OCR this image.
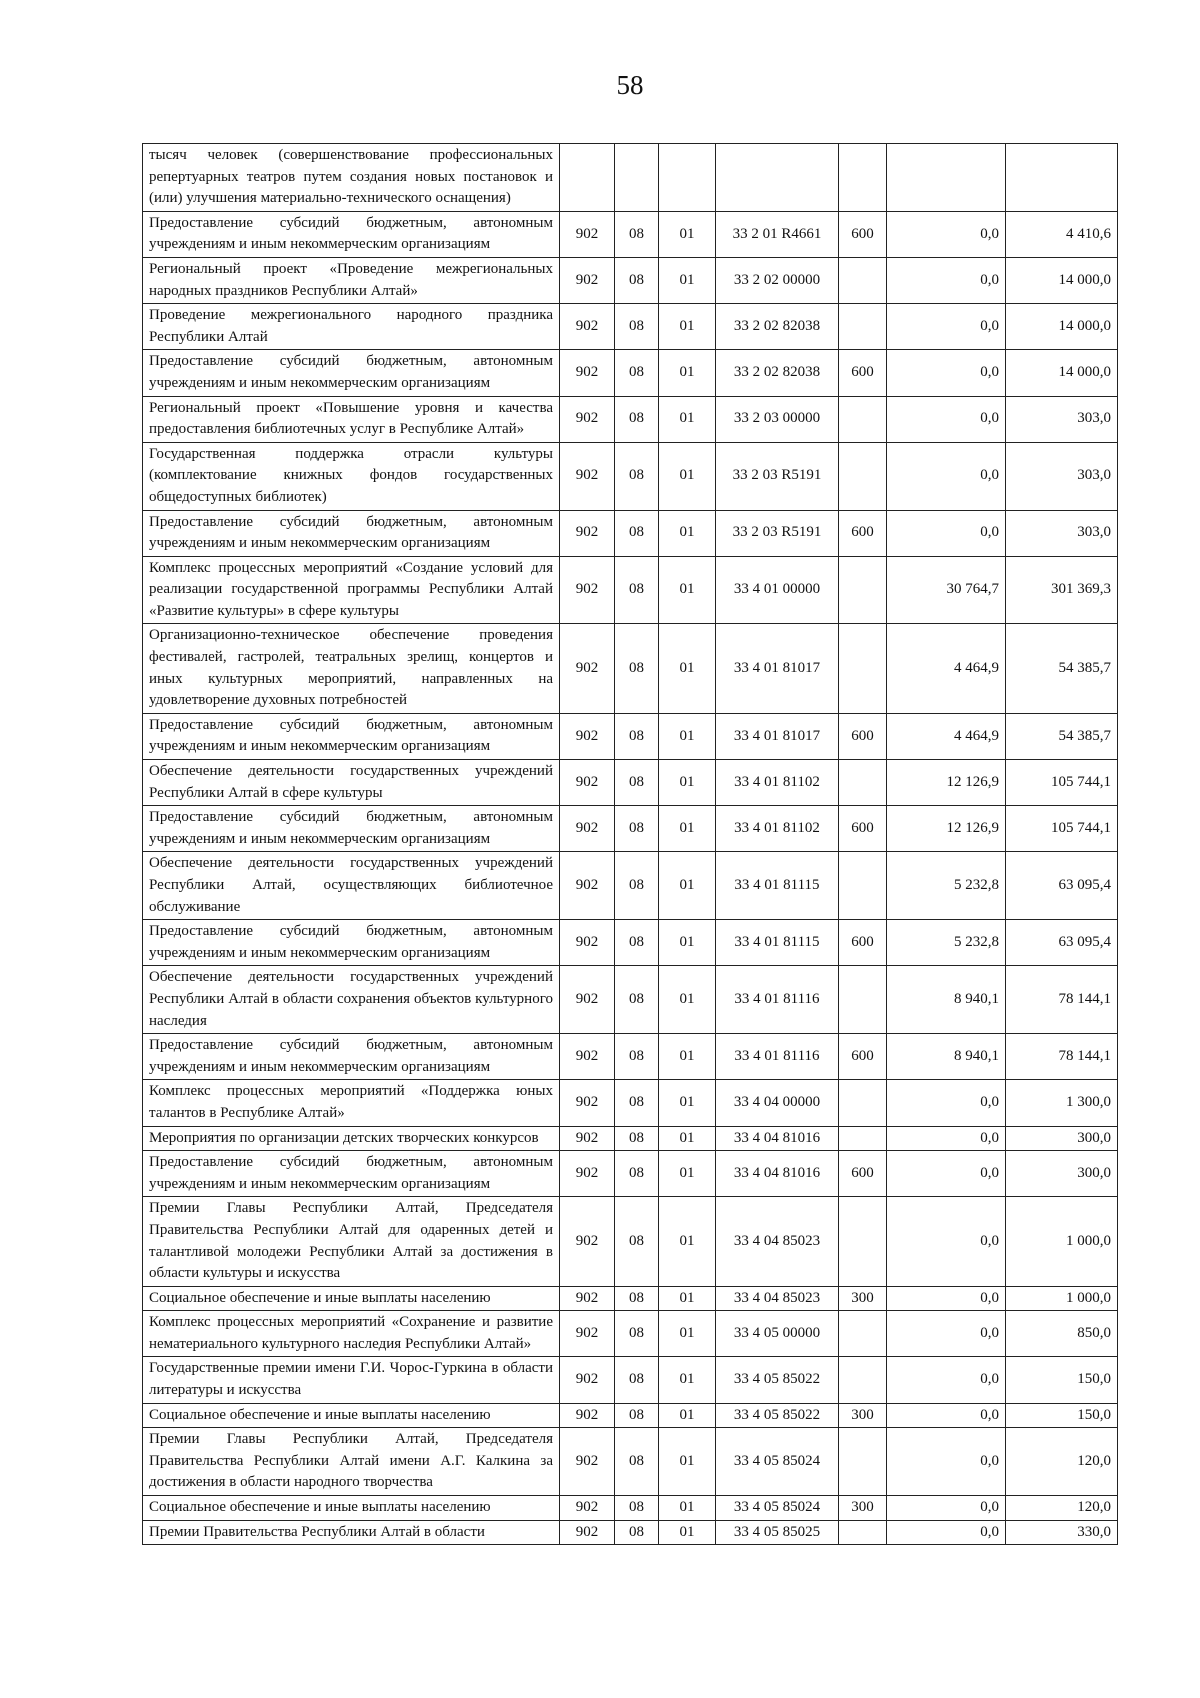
58
тысяч человек (совершенствование профессиональных репертуарных театров путем создания новых постановок и (или) улучшения материально-технического оснащения)							
Предоставление субсидий бюджетным, автономным учреждениям и иным некоммерческим организациям	902	08	01	33 2 01 R4661	600	0,0	4 410,6
Региональный проект «Проведение межрегиональных народных праздников Республики Алтай»	902	08	01	33 2 02 00000		0,0	14 000,0
Проведение межрегионального народного праздника Республики Алтай	902	08	01	33 2 02 82038		0,0	14 000,0
Предоставление субсидий бюджетным, автономным учреждениям и иным некоммерческим организациям	902	08	01	33 2 02 82038	600	0,0	14 000,0
Региональный проект «Повышение уровня и качества предоставления библиотечных услуг в Республике Алтай»	902	08	01	33 2 03 00000		0,0	303,0
Государственная поддержка отрасли культуры (комплектование книжных фондов государственных общедоступных библиотек)	902	08	01	33 2 03 R5191		0,0	303,0
Предоставление субсидий бюджетным, автономным учреждениям и иным некоммерческим организациям	902	08	01	33 2 03 R5191	600	0,0	303,0
Комплекс процессных мероприятий «Создание условий для реализации государственной программы Республики Алтай «Развитие культуры» в сфере культуры	902	08	01	33 4 01 00000		30 764,7	301 369,3
Организационно-техническое обеспечение проведения фестивалей, гастролей, театральных зрелищ, концертов и иных культурных мероприятий, направленных на удовлетворение духовных потребностей	902	08	01	33 4 01 81017		4 464,9	54 385,7
Предоставление субсидий бюджетным, автономным учреждениям и иным некоммерческим организациям	902	08	01	33 4 01 81017	600	4 464,9	54 385,7
Обеспечение деятельности государственных учреждений Республики Алтай в сфере культуры	902	08	01	33 4 01 81102		12 126,9	105 744,1
Предоставление субсидий бюджетным, автономным учреждениям и иным некоммерческим организациям	902	08	01	33 4 01 81102	600	12 126,9	105 744,1
Обеспечение деятельности государственных учреждений Республики Алтай, осуществляющих библиотечное обслуживание	902	08	01	33 4 01 81115		5 232,8	63 095,4
Предоставление субсидий бюджетным, автономным учреждениям и иным некоммерческим организациям	902	08	01	33 4 01 81115	600	5 232,8	63 095,4
Обеспечение деятельности государственных учреждений Республики Алтай в области сохранения объектов культурного наследия	902	08	01	33 4 01 81116		8 940,1	78 144,1
Предоставление субсидий бюджетным, автономным учреждениям и иным некоммерческим организациям	902	08	01	33 4 01 81116	600	8 940,1	78 144,1
Комплекс процессных мероприятий «Поддержка юных талантов в Республике Алтай»	902	08	01	33 4 04 00000		0,0	1 300,0
Мероприятия по организации детских творческих конкурсов	902	08	01	33 4 04 81016		0,0	300,0
Предоставление субсидий бюджетным, автономным учреждениям и иным некоммерческим организациям	902	08	01	33 4 04 81016	600	0,0	300,0
Премии Главы Республики Алтай, Председателя Правительства Республики Алтай для одаренных детей и талантливой молодежи Республики Алтай за достижения в области культуры и искусства	902	08	01	33 4 04 85023		0,0	1 000,0
Социальное обеспечение и иные выплаты населению	902	08	01	33 4 04 85023	300	0,0	1 000,0
Комплекс процессных мероприятий «Сохранение и развитие нематериального культурного наследия Республики Алтай»	902	08	01	33 4 05 00000		0,0	850,0
Государственные премии имени Г.И. Чорос-Гуркина в области литературы и искусства	902	08	01	33 4 05 85022		0,0	150,0
Социальное обеспечение и иные выплаты населению	902	08	01	33 4 05 85022	300	0,0	150,0
Премии Главы Республики Алтай, Председателя Правительства Республики Алтай имени А.Г. Калкина за достижения в области народного творчества	902	08	01	33 4 05 85024		0,0	120,0
Социальное обеспечение и иные выплаты населению	902	08	01	33 4 05 85024	300	0,0	120,0
Премии Правительства Республики Алтай в области	902	08	01	33 4 05 85025		0,0	330,0
